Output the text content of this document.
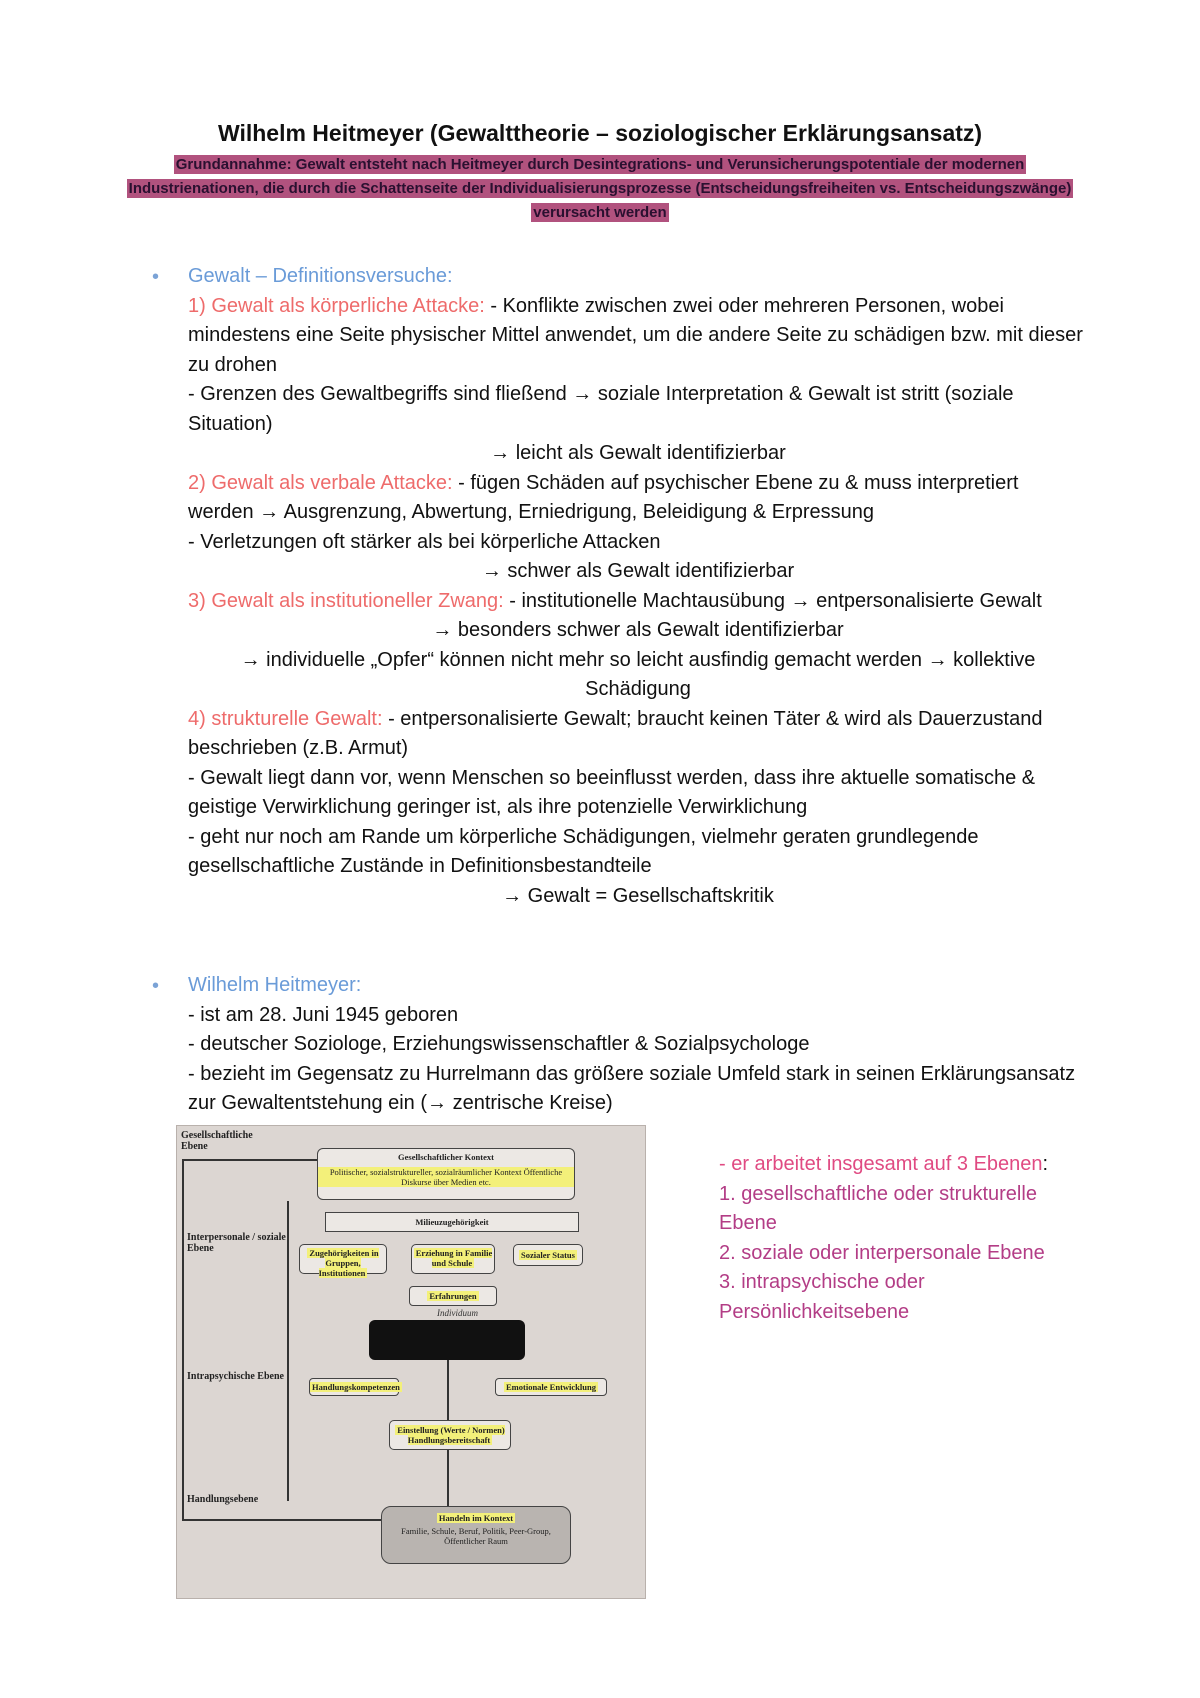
Wilhelm Heitmeyer (Gewalttheorie – soziologischer Erklärungsansatz)
Grundannahme: Gewalt entsteht nach Heitmeyer durch Desintegrations- und Verunsicherungspotentiale der modernen Industrienationen, die durch die Schattenseite der Individualisierungsprozesse (Entscheidungsfreiheiten vs. Entscheidungszwänge) verursacht werden
• Gewalt – Definitionsversuche:

1) Gewalt als körperliche Attacke: - Konflikte zwischen zwei oder mehreren Personen, wobei mindestens eine Seite physischer Mittel anwendet, um die andere Seite zu schädigen bzw. mit dieser zu drohen

- Grenzen des Gewaltbegriffs sind fließend → soziale Interpretation & Gewalt ist stritt (soziale Situation)

→ leicht als Gewalt identifizierbar

2) Gewalt als verbale Attacke: - fügen Schäden auf psychischer Ebene zu & muss interpretiert werden → Ausgrenzung, Abwertung, Erniedrigung, Beleidigung & Erpressung

- Verletzungen oft stärker als bei körperliche Attacken

→ schwer als Gewalt identifizierbar

3) Gewalt als institutioneller Zwang: - institutionelle Machtausübung → entpersonalisierte Gewalt

→ besonders schwer als Gewalt identifizierbar

→ individuelle „Opfer“ können nicht mehr so leicht ausfindig gemacht werden → kollektive Schädigung

4) strukturelle Gewalt: - entpersonalisierte Gewalt; braucht keinen Täter & wird als Dauerzustand beschrieben (z.B. Armut)

- Gewalt liegt dann vor, wenn Menschen so beeinflusst werden, dass ihre aktuelle somatische & geistige Verwirklichung geringer ist, als ihre potenzielle Verwirklichung

- geht nur noch am Rande um körperliche Schädigungen, vielmehr geraten grundlegende gesellschaftliche Zustände in Definitionsbestandteile

→ Gewalt = Gesellschaftskritik

• Wilhelm Heitmeyer:

- ist am 28. Juni 1945 geboren

- deutscher Soziologe, Erziehungswissenschaftler & Sozialpsychologe

- bezieht im Gegensatz zu Hurrelmann das größere soziale Umfeld stark in seinen Erklärungsansatz zur Gewaltentstehung ein (→ zentrische Kreise)

Gesellschaftliche Ebene
Interpersonale / soziale Ebene
Intrapsychische Ebene
Handlungsebene
Gesellschaftlicher Kontext
Politischer, sozialstruktureller, sozialräumlicher Kontext Öffentliche Diskurse über Medien etc.
Milieuzugehörigkeit
Zugehörigkeiten in Gruppen, Institutionen
Erziehung in Familie und Schule
Sozialer Status
Erfahrungen
Individuum
Handlungskompetenzen	Emotionale Entwicklung
Einstellung (Werte / Normen) Handlungsbereitschaft
Handeln im Kontext
Familie, Schule, Beruf, Politik, Peer-Group, Öffentlicher Raum

- er arbeitet insgesamt auf 3 Ebenen:

1. gesellschaftliche oder strukturelle Ebene

2. soziale oder interpersonale Ebene

3. intrapsychische oder Persönlichkeitsebene
